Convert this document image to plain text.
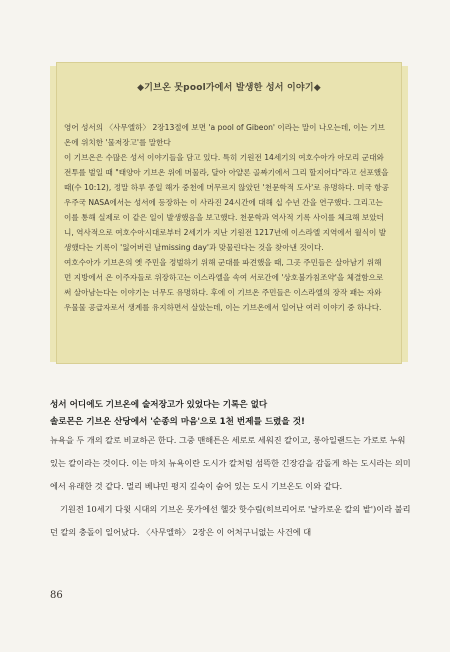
◆기브온 못pool가에서 발생한 성서 이야기◆

영어 성서의 〈사무엘하〉 2장13절에 보면 'a pool of Gibeon' 이라는 말이 나오는데, 이는 기브온에 위치한 '물저장고'를 말한다

이 기브온은 수많은 성서 이야기들을 담고 있다. 특히 기원전 14세기의 여호수아가 아모리 군대와 전투를 벌일 때 "태양아 기브온 위에 머물라, 달아 아얄론 골짜기에서 그리 할지어다"라고 선포했을 때(수 10:12), 정말 하루 종일 해가 중천에 머무르지 않았던 '천문학적 도사'로 유명하다. 미국 항공우주국 NASA에서는 성서에 등장하는 이 사라진 24시간에 대해 십 수년 간을 연구했다. 그리고는 이를 통해 실제로 이 같은 일이 발생했음을 보고했다. 천문학과 역사적 기록 사이를 체크해 보았더니, 역사적으로 여호수아시대로부터 2세기가 지난 기원전 1217년에 이스라엘 지역에서 월식이 발생했다는 기록이 '잃어버린 날missing day'과 맞물린다는 것을 찾아낸 것이다.

여호수아가 기브온의 옛 주민을 정벌하기 위해 군대를 파견했을 때, 그곳 주민들은 살아남기 위해 먼 지방에서 온 이주자들로 위장하고는 이스라엘을 속여 서로간에 '상호불가침조약'을 체결함으로써 살아남는다는 이야기는 너무도 유명하다. 후에 이 기브온 주민들은 이스라엘의 장작 패는 자와 우물물 공급자로서 생계를 유지하면서 살았는데, 이는 기브온에서 일어난 여러 이야기 중 하나다.

성서 어디에도 기브온에 술저장고가 있었다는 기록은 없다
솔로몬은 기브온 산당에서 '순종의 마음'으로 1천 번제를 드렸을 것!

뉴욕을 두 개의 칼로 비교하곤 한다. 그중 맨해튼은 세로로 세워진 칼이고, 롱아일랜드는 가로로 누워 있는 칼이라는 것이다. 이는 마치 뉴욕이란 도시가 칼처럼 섬뜩한 긴장감을 감돌게 하는 도시라는 의미에서 유래한 것 같다. 멀리 베냐민 평지 깊숙이 숨어 있는 도시 기브온도 이와 같다.

기원전 10세기 다윗 시대의 기브온 못가에선 헬갓 핫수림(히브리어로 '날카로운 칼의 밭')이라 불리던 칼의 충돌이 일어났다. 〈사무엘하〉 2장은 이 어처구니없는 사건에 대

86
